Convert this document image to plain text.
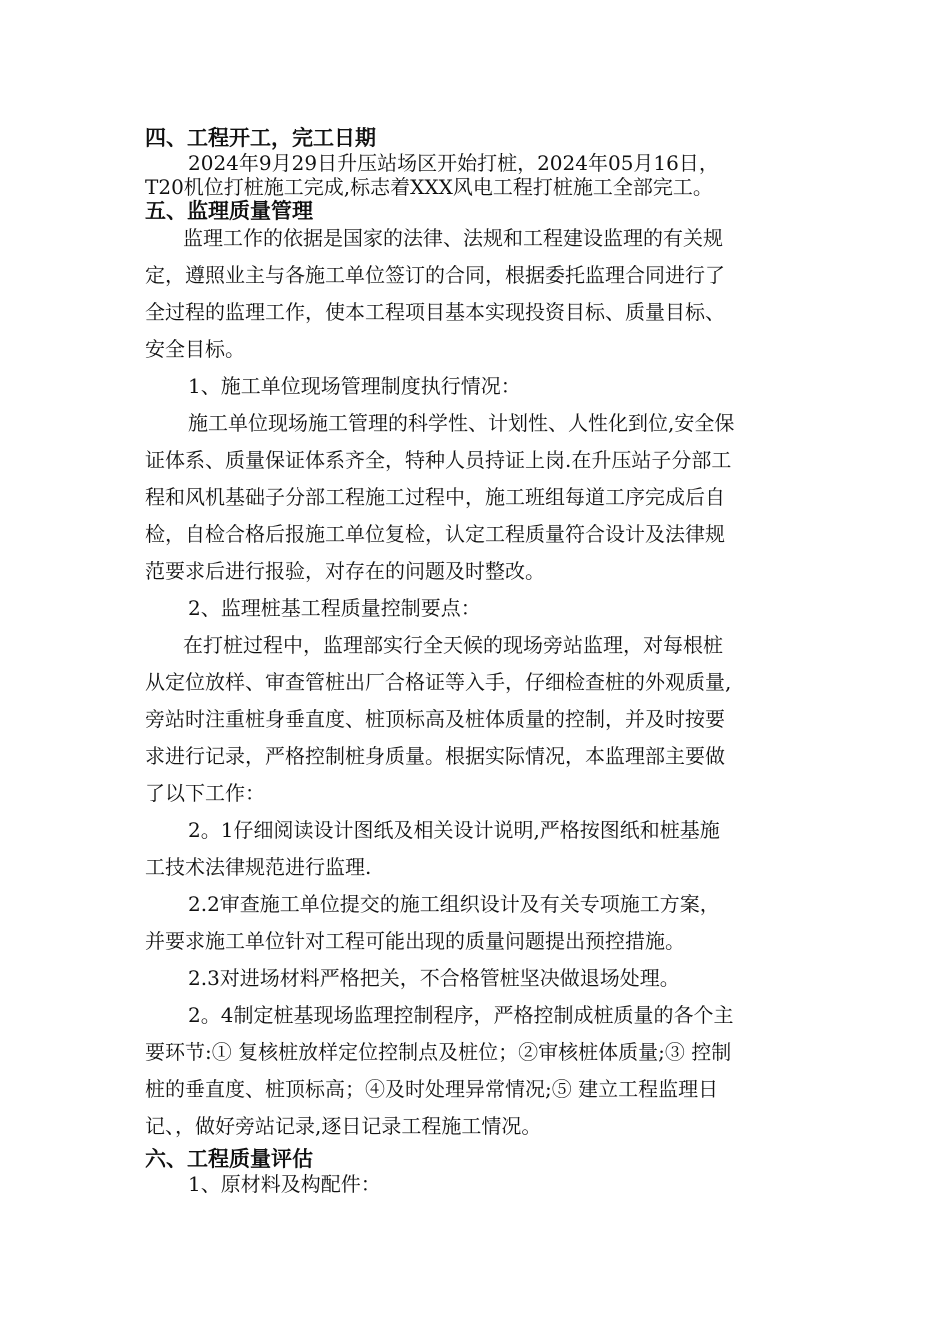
四、工程开工，完工日期
2024年9月29日升压站场区开始打桩，2024年05月16日，
T20机位打桩施工完成,标志着XXX风电工程打桩施工全部完工。
五、监理质量管理
监理工作的依据是国家的法律、法规和工程建设监理的有关规
定，遵照业主与各施工单位签订的合同，根据委托监理合同进行了
全过程的监理工作，使本工程项目基本实现投资目标、质量目标、
安全目标。
1、施工单位现场管理制度执行情况：
施工单位现场施工管理的科学性、计划性、人性化到位,安全保
证体系、质量保证体系齐全，特种人员持证上岗.在升压站子分部工
程和风机基础子分部工程施工过程中，施工班组每道工序完成后自
检，自检合格后报施工单位复检，认定工程质量符合设计及法律规
范要求后进行报验，对存在的问题及时整改。
2、监理桩基工程质量控制要点：
在打桩过程中，监理部实行全天候的现场旁站监理，对每根桩
从定位放样、审查管桩出厂合格证等入手，仔细检查桩的外观质量,
旁站时注重桩身垂直度、桩顶标高及桩体质量的控制，并及时按要
求进行记录，严格控制桩身质量。根据实际情况，本监理部主要做
了以下工作：
2。1仔细阅读设计图纸及相关设计说明,严格按图纸和桩基施
工技术法律规范进行监理.
2.2审查施工单位提交的施工组织设计及有关专项施工方案，
并要求施工单位针对工程可能出现的质量问题提出预控措施。
2.3对进场材料严格把关，不合格管桩坚决做退场处理。
2。4制定桩基现场监理控制程序，严格控制成桩质量的各个主
要环节:① 复核桩放样定位控制点及桩位；②审核桩体质量;③ 控制
桩的垂直度、桩顶标高；④及时处理异常情况;⑤ 建立工程监理日
记、，做好旁站记录,逐日记录工程施工情况。
六、工程质量评估
1、原材料及构配件：
